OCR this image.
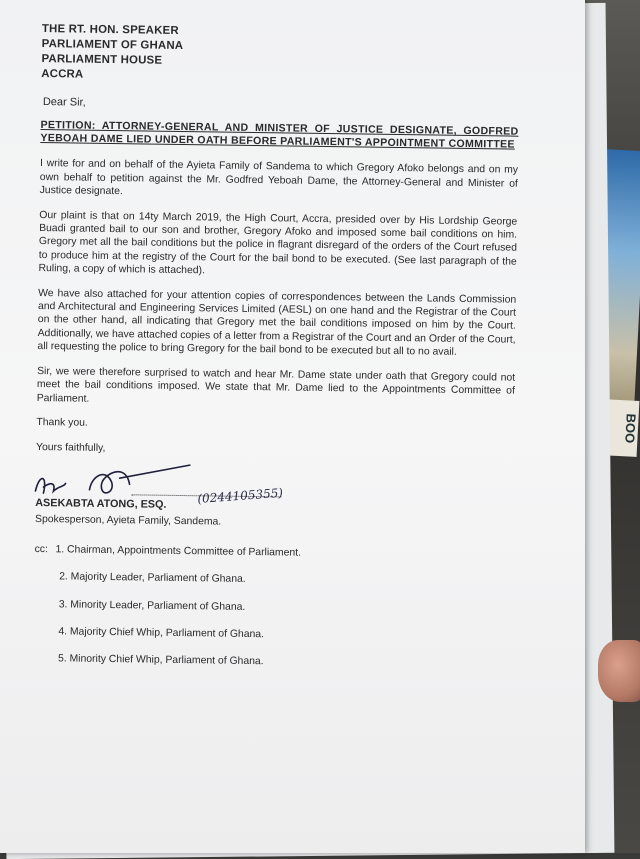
BOO
THE RT. HON. SPEAKER
PARLIAMENT OF GHANA
PARLIAMENT HOUSE
ACCRA
Dear Sir,
PETITION: ATTORNEY-GENERAL AND MINISTER OF JUSTICE DESIGNATE, GODFRED YEBOAH DAME LIED UNDER OATH BEFORE PARLIAMENT'S APPOINTMENT COMMITTEE

I write for and on behalf of the Ayieta Family of Sandema to which Gregory Afoko belongs and on my own behalf to petition against the Mr. Godfred Yeboah Dame, the Attorney-General and Minister of Justice designate.

Our plaint is that on 14ty March 2019, the High Court, Accra, presided over by His Lordship George Buadi granted bail to our son and brother, Gregory Afoko and imposed some bail conditions on him. Gregory met all the bail conditions but the police in flagrant disregard of the orders of the Court refused to produce him at the registry of the Court for the bail bond to be executed. (See last paragraph of the Ruling, a copy of which is attached).

We have also attached for your attention copies of correspondences between the Lands Commission and Architectural and Engineering Services Limited (AESL) on one hand and the Registrar of the Court on the other hand, all indicating that Gregory met the bail conditions imposed on him by the Court. Additionally, we have attached copies of a letter from a Registrar of the Court and an Order of the Court, all requesting the police to bring Gregory for the bail bond to be executed but all to no avail.

Sir, we were therefore surprised to watch and hear Mr. Dame state under oath that Gregory could not meet the bail conditions imposed. We state that Mr. Dame lied to the Appointments Committee of Parliament.

Thank you.
Yours faithfully,
(0244105355)
ASEKABTA ATONG, ESQ.
Spokesperson, Ayieta Family, Sandema.
cc: 1. Chairman, Appointments Committee of Parliament.
2. Majority Leader, Parliament of Ghana.
3. Minority Leader, Parliament of Ghana.
4. Majority Chief Whip, Parliament of Ghana.
5. Minority Chief Whip, Parliament of Ghana.
